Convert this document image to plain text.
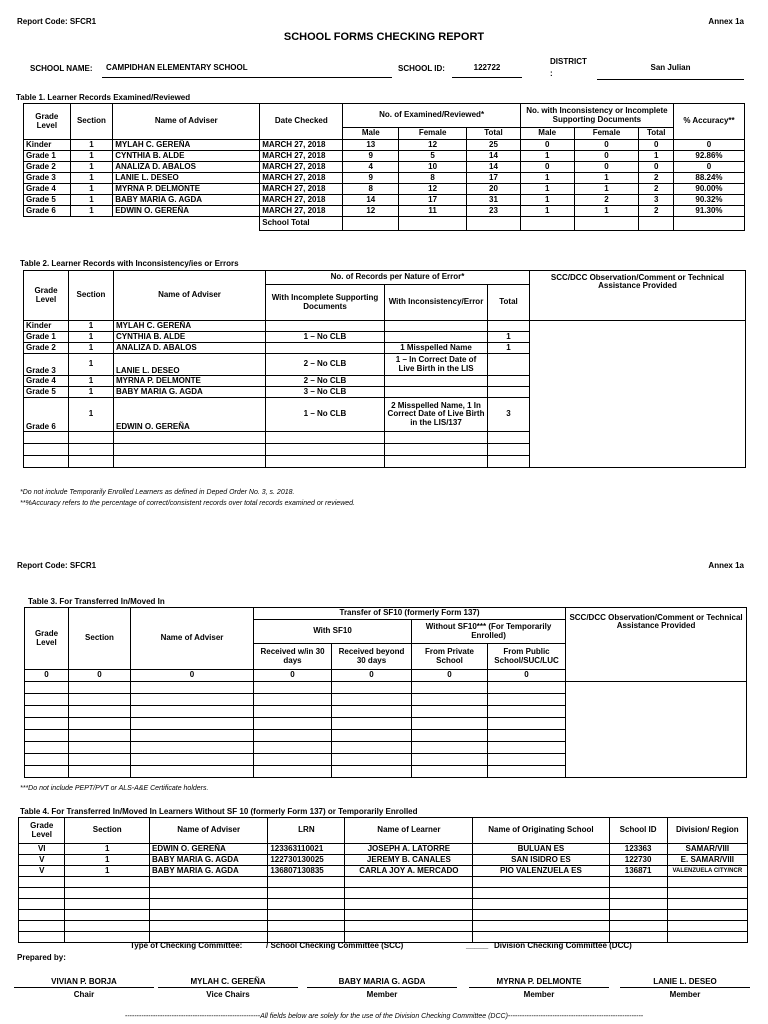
Report Code: SFCR1	Annex 1a
SCHOOL FORMS CHECKING REPORT
SCHOOL NAME:	CAMPIDHAN ELEMENTARY SCHOOL	SCHOOL ID:	122722
DISTRICT
:
San Julian
Table 1. Learner Records Examined/Reviewed
Grade Level	Section	Name of Adviser	Date Checked	No. of Examined/Reviewed*			No. with Inconsistency or Incomplete Supporting Documents			% Accuracy**
				Male	Female	Total	Male	Female	Total	
Kinder	1	MYLAH C. GEREÑA	MARCH 27, 2018	13	12	25	0	0	0	0
Grade 1	1	CYNTHIA B. ALDE	MARCH 27, 2018	9	5	14	1	0	1	92.86%
Grade 2	1	ANALIZA D. ABALOS	MARCH 27, 2018	4	10	14	0	0	0	0
Grade 3	1	LANIE L. DESEO	MARCH 27, 2018	9	8	17	1	1	2	88.24%
Grade 4	1	MYRNA P. DELMONTE	MARCH 27, 2018	8	12	20	1	1	2	90.00%
Grade 5	1	BABY MARIA G. AGDA	MARCH 27, 2018	14	17	31	1	2	3	90.32%
Grade 6	1	EDWIN O. GEREÑA	MARCH 27, 2018	12	11	23	1	1	2	91.30%
			School Total							
Table 2. Learner Records with Inconsistency/ies or Errors
Grade Level	Section	Name of Adviser	No. of Records per Nature of Error*			SCC/DCC Observation/Comment or Technical Assistance Provided
			With Incomplete Supporting Documents	With Inconsistency/Error	Total	
Kinder	1	MYLAH C. GEREÑA				
Grade 1	1	CYNTHIA B. ALDE	1 – No CLB		1	
Grade 2	1	ANALIZA D. ABALOS		1 Misspelled Name	1	
Grade 3	1	LANIE L. DESEO	2 – No CLB	1 – In Correct Date of Live Birth in the LIS		
Grade 4	1	MYRNA P. DELMONTE	2 – No CLB			
Grade 5	1	BABY MARIA G. AGDA	3 – No CLB			
Grade 6	1	EDWIN O. GEREÑA	1 – No CLB	2 Misspelled Name, 1 In Correct Date of Live Birth in the LIS/137	3	

*Do not include Temporarily Enrolled Learners as defined in Deped Order No. 3, s. 2018.
**%Accuracy refers to the percentage of correct/consistent records over total records examined or reviewed.
Report Code: SFCR1	Annex 1a
Table 3. For Transferred In/Moved In
Grade Level	Section	Name of Adviser	Transfer of SF10 (formerly Form 137)				SCC/DCC Observation/Comment or Technical Assistance Provided	
			With SF10		Without SF10*** (For Temporarily Enrolled)			
			Received w/in 30 days	Received beyond 30 days	From Private School	From Public School/SUC/LUC		
0	0	0	0	0	0	0		

***Do not include PEPT/PVT or ALS-A&E Certificate holders.
Table 4. For Transferred In/Moved In Learners Without SF 10 (formerly Form 137) or Temporarily Enrolled
Grade Level	Section	Name of Adviser	LRN	Name of Learner	Name of Originating School	School ID	Division/ Region
VI	1	EDWIN O. GEREÑA	123363110021	JOSEPH A. LATORRE	BULUAN ES	123363	SAMAR/VIII
V	1	BABY MARIA G. AGDA	122730130025	JEREMY B. CANALES	SAN ISIDRO ES	122730	E. SAMAR/VIII
V	1	BABY MARIA G. AGDA	136807130835	CARLA JOY A. MERCADO	PIO VALENZUELA ES	136871	VALENZUELA CITY/NCR

Type of Checking Committee:	/ School Checking Committee (SCC)	_____ Division Checking Committee (DCC)
Prepared by:
VIVIAN P. BORJA
Chair
MYLAH C. GEREÑA
Vice Chairs
BABY MARIA G. AGDA
Member
MYRNA P. DELMONTE
Member
LANIE L. DESEO
Member
----------------------------------------------------------All fields below are solely for the use of the Division Checking Committee (DCC)----------------------------------------------------------
